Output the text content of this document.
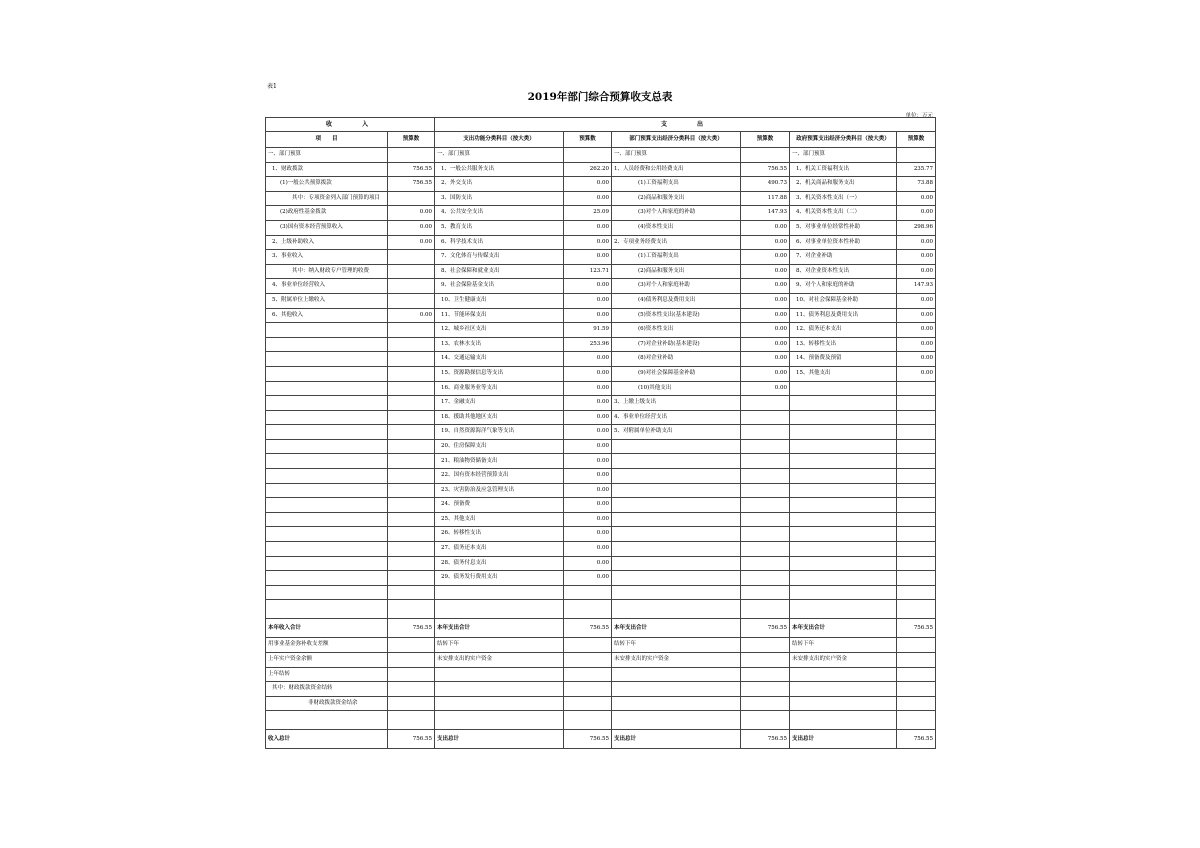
表1
2019年部门综合预算收支总表
单位：万元
收　　入		支　　出					
项　　目	预算数	支出功能分类科目（按大类）	预算数	部门预算支出经济分类科目（按大类）	预算数	政府预算支出经济分类科目（按大类）	预算数
一、部门预算		一、部门预算		一、部门预算		一、部门预算	
1、财政拨款	756.55	1、一般公共服务支出	262.20	1、人员经费和公用经费支出	756.55	1、机关工资福利支出	235.77
(1)一般公共预算拨款	756.55	2、外交支出	0.00	(1)工资福利支出	490.73	2、机关商品和服务支出	73.88
其中：专项资金列入部门预算的项目		3、国防支出	0.00	(2)商品和服务支出	117.88	3、机关资本性支出（一）	0.00
(2)政府性基金拨款	0.00	4、公共安全支出	25.09	(3)对个人和家庭的补助	147.93	4、机关资本性支出（二）	0.00
(3)国有资本经营预算收入	0.00	5、教育支出	0.00	(4)资本性支出	0.00	5、对事业单位经常性补助	298.96
2、上级补助收入	0.00	6、科学技术支出	0.00	2、专项业务经费支出	0.00	6、对事业单位资本性补助	0.00
3、事业收入		7、文化体育与传媒支出	0.00	(1)工资福利支出	0.00	7、对企业补助	0.00
其中：纳入财政专户管理的收费		8、社会保障和就业支出	123.71	(2)商品和服务支出	0.00	8、对企业资本性支出	0.00
4、事业单位经营收入		9、社会保险基金支出	0.00	(3)对个人和家庭补助	0.00	9、对个人和家庭的补助	147.93
5、附属单位上缴收入		10、卫生健康支出	0.00	(4)债务利息及费用支出	0.00	10、对社会保障基金补助	0.00
6、其他收入	0.00	11、节能环保支出	0.00	(5)资本性支出(基本建设)	0.00	11、债务利息及费用支出	0.00
		12、城乡社区支出	91.59	(6)资本性支出	0.00	12、债务还本支出	0.00
		13、农林水支出	253.96	(7)对企业补助(基本建设)	0.00	13、转移性支出	0.00
		14、交通运输支出	0.00	(8)对企业补助	0.00	14、预备费及预留	0.00
		15、资源勘探信息等支出	0.00	(9)对社会保障基金补助	0.00	15、其他支出	0.00
		16、商业服务业等支出	0.00	(10)其他支出	0.00		
		17、金融支出	0.00	3、上缴上级支出			
		18、援助其他地区支出	0.00	4、事业单位经营支出			
		19、自然资源海洋气象等支出	0.00	5、对附属单位补助支出			
		20、住房保障支出	0.00				
		21、粮油物资储备支出	0.00				
		22、国有资本经营预算支出	0.00				
		23、灾害防治及应急管理支出	0.00				
		24、预备费	0.00				
		25、其他支出	0.00				
		26、转移性支出	0.00				
		27、债务还本支出	0.00				
		28、债务付息支出	0.00				
		29、债务发行费用支出	0.00				

本年收入合计	756.55	本年支出合计	756.55	本年支出合计	756.55	本年支出合计	756.55
用事业基金弥补收支差额		结转下年		结转下年		结转下年	
上年实户资金余额		未安排支出的实户资金		未安排支出的实户资金		未安排支出的实户资金	
上年结转							
其中：财政拨款资金结转							
非财政拨款资金结余							

收入总计	756.55	支出总计	756.55	支出总计	756.55	支出总计	756.55
